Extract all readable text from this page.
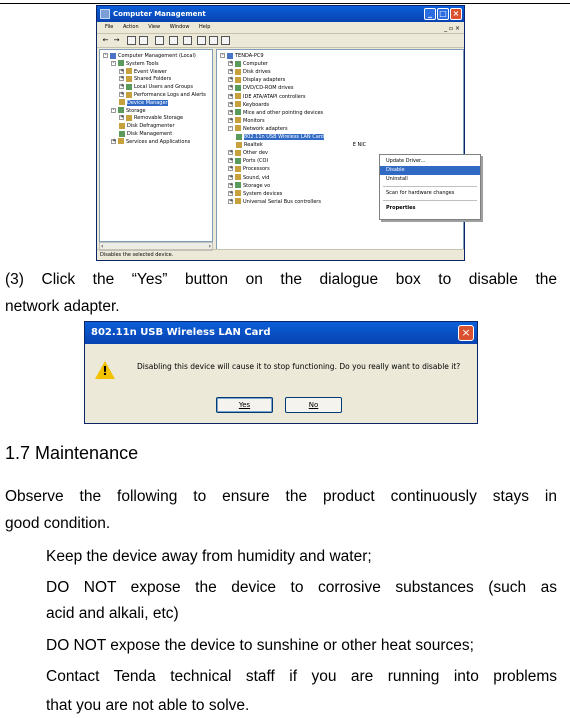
Computer Management	_ □ ×
File Action View Window Help	_ ▫ ×
← →
- Computer Management (Local)
- System Tools
+ Event Viewer
+ Shared Folders
+ Local Users and Groups
+ Performance Logs and Alerts
Device Manager
- Storage
+ Removable Storage
Disk Defragmenter
Disk Management
+ Services and Applications
‹	›
- TENDA-PC9
+ Computer
+ Disk drives
+ Display adapters
+ DVD/CD-ROM drives
+ IDE ATA/ATAPI controllers
+ Keyboards
+ Mice and other pointing devices
+ Monitors
- Network adapters
802.11n USB Wireless LAN Card
Realtek	E NIC
+ Other dev
+ Ports (COI
+ Processors
+ Sound, vid
+ Storage vo
+ System devices
+ Universal Serial Bus controllers
Update Driver...
Disable
Uninstall
Scan for hardware changes
Properties
Disables the selected device.
(3) Click the “Yes” button on the dialogue box to disable the
network adapter.
802.11n USB Wireless LAN Card	×
!	Disabling this device will cause it to stop functioning. Do you really want to disable it?
Yes	No
1.7 Maintenance
Observe the following to ensure the product continuously stays in
good condition.
Keep the device away from humidity and water;
DO NOT expose the device to corrosive substances (such as
acid and alkali, etc)
DO NOT expose the device to sunshine or other heat sources;
Contact Tenda technical staff if you are running into problems
that you are not able to solve.
